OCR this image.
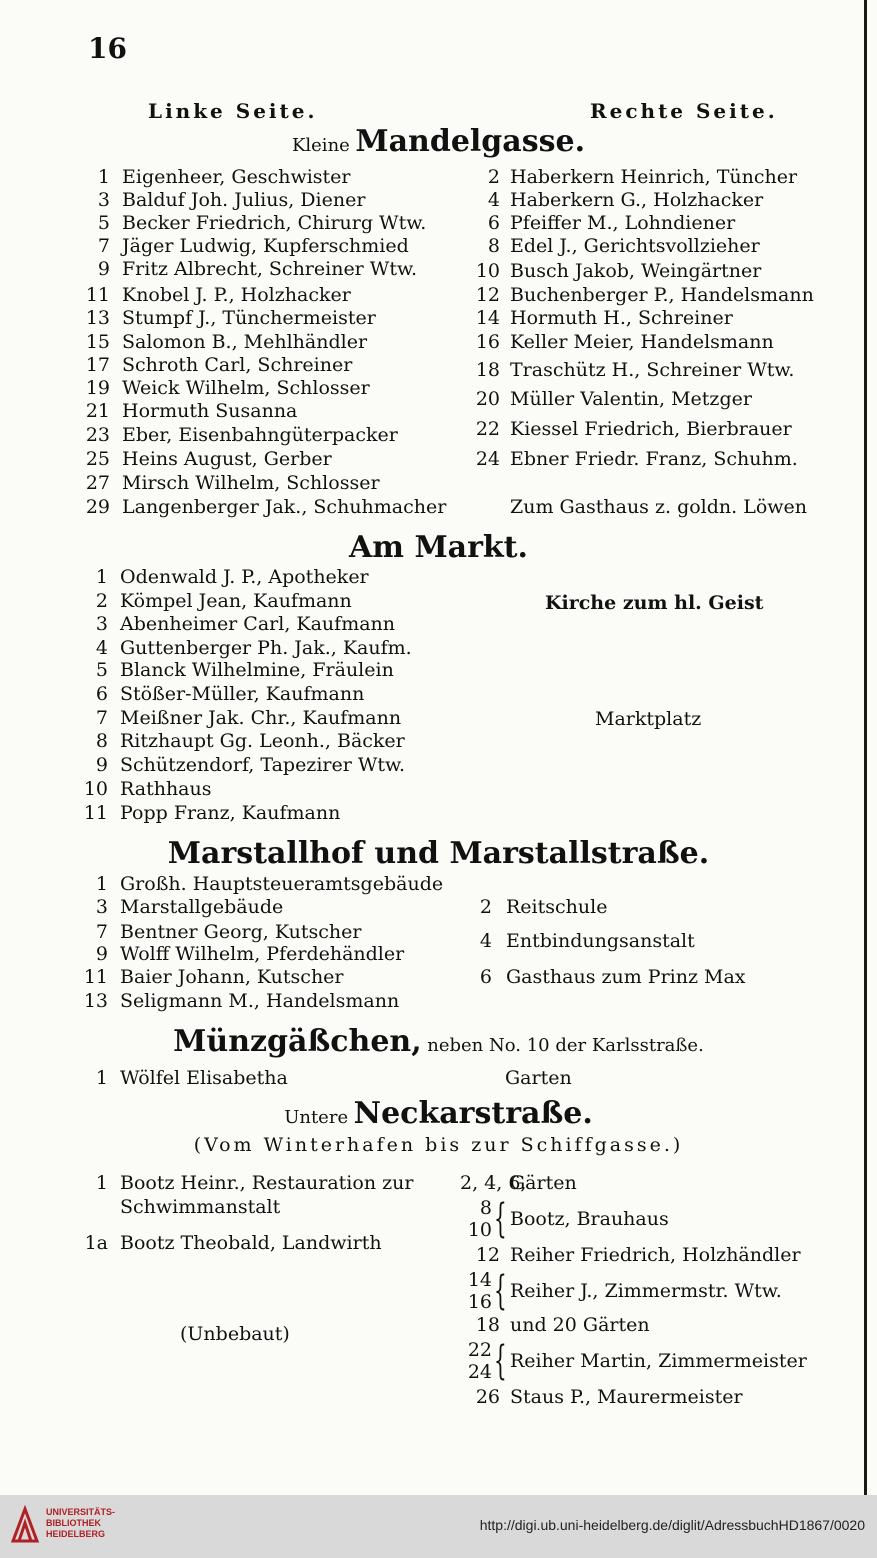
16
Linke Seite.	Rechte Seite.
Kleine Mandelgasse.
1 Eigenheer, Geschwister
3 Balduf Joh. Julius, Diener
5 Becker Friedrich, Chirurg Wtw.
7 Jäger Ludwig, Kupferschmied
9 Fritz Albrecht, Schreiner Wtw.
11 Knobel J. P., Holzhacker
13 Stumpf J., Tünchermeister
15 Salomon B., Mehlhändler
17 Schroth Carl, Schreiner
19 Weick Wilhelm, Schlosser
21 Hormuth Susanna
23 Eber, Eisenbahngüterpacker
25 Heins August, Gerber
27 Mirsch Wilhelm, Schlosser
29 Langenberger Jak., Schuhmacher
2 Haberkern Heinrich, Tüncher
4 Haberkern G., Holzhacker
6 Pfeiffer M., Lohndiener
8 Edel J., Gerichtsvollzieher
10 Busch Jakob, Weingärtner
12 Buchenberger P., Handelsmann
14 Hormuth H., Schreiner
16 Keller Meier, Handelsmann
18 Traschütz H., Schreiner Wtw.
20 Müller Valentin, Metzger
22 Kiessel Friedrich, Bierbrauer
24 Ebner Friedr. Franz, Schuhm.
Zum Gasthaus z. goldn. Löwen
Am Markt.
1 Odenwald J. P., Apotheker
2 Kömpel Jean, Kaufmann
3 Abenheimer Carl, Kaufmann
4 Guttenberger Ph. Jak., Kaufm.
5 Blanck Wilhelmine, Fräulein
6 Stößer-Müller, Kaufmann
7 Meißner Jak. Chr., Kaufmann
8 Ritzhaupt Gg. Leonh., Bäcker
9 Schützendorf, Tapezirer Wtw.
10 Rathhaus
11 Popp Franz, Kaufmann
Kirche zum hl. Geist
Marktplatz
Marstallhof und Marstallstraße.
1 Großh. Hauptsteueramtsgebäude
3 Marstallgebäude
7 Bentner Georg, Kutscher
9 Wolff Wilhelm, Pferdehändler
11 Baier Johann, Kutscher
13 Seligmann M., Handelsmann
2 Reitschule
4 Entbindungsanstalt
6 Gasthaus zum Prinz Max
Münzgäßchen, neben No. 10 der Karlsstraße.
1 Wölfel Elisabetha	Garten
Untere Neckarstraße.
(Vom Winterhafen bis zur Schiffgasse.)
1 Bootz Heinr., Restauration zur
Schwimmanstalt
1a Bootz Theobald, Landwirth
(Unbebaut)
2, 4, 6,
Gärten
8
10 { Bootz, Brauhaus
12 Reiher Friedrich, Holzhändler
14
16 { Reiher J., Zimmermstr. Wtw.
18 und 20 Gärten
22
24 { Reiher Martin, Zimmermeister
26 Staus P., Maurermeister
UNIVERSITÄTS-
BIBLIOTHEK
HEIDELBERG
http://digi.ub.uni-heidelberg.de/diglit/AdressbuchHD1867/0020
